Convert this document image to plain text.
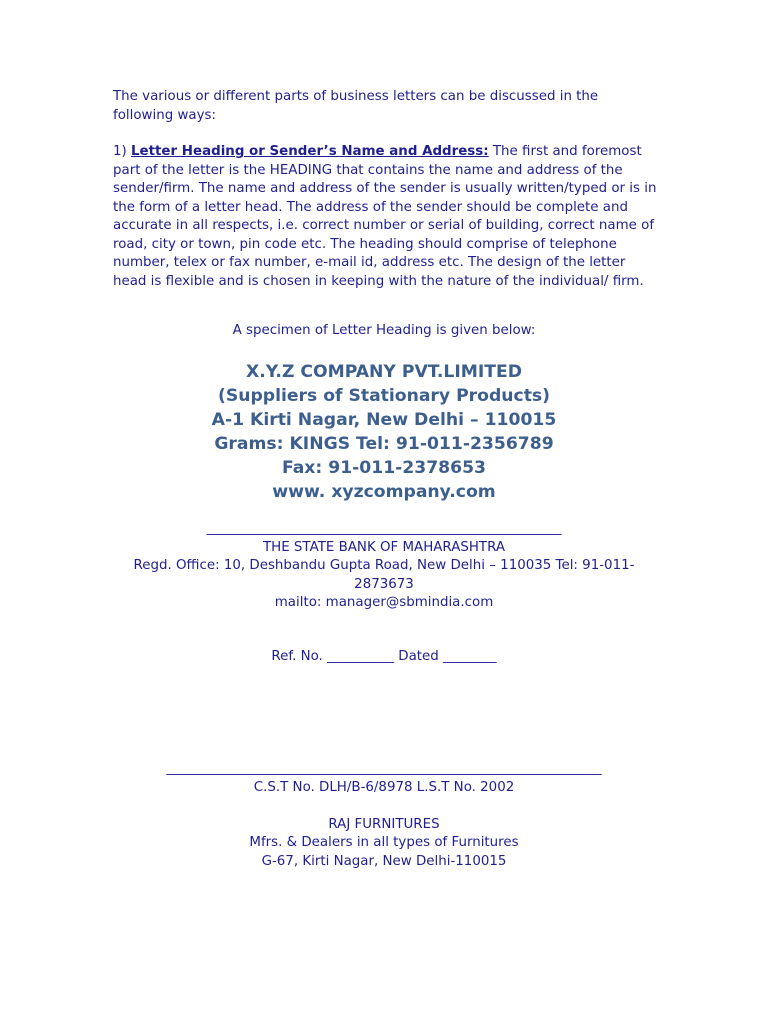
The various or different parts of business letters can be discussed in the following ways:

1) Letter Heading or Sender’s Name and Address: The first and foremost part of the letter is the HEADING that contains the name and address of the sender/firm. The name and address of the sender is usually written/typed or is in the form of a letter head. The address of the sender should be complete and accurate in all respects, i.e. correct number or serial of building, correct name of road, city or town, pin code etc. The heading should comprise of telephone number, telex or fax number, e-mail id, address etc. The design of the letter head is flexible and is chosen in keeping with the nature of the individual/ firm.

A specimen of Letter Heading is given below:

X.Y.Z COMPANY PVT.LIMITED
(Suppliers of Stationary Products)
A-1 Kirti Nagar, New Delhi – 110015
Grams: KINGS Tel: 91-011-2356789
Fax: 91-011-2378653
www. xyzcompany.com
_____________________________________________________
THE STATE BANK OF MAHARASHTRA
Regd. Office: 10, Deshbandu Gupta Road, New Delhi – 110035 Tel: 91-011-2873673
mailto: manager@sbmindia.com

Ref. No. __________ Dated ________

_________________________________________________________________
C.S.T No. DLH/B-6/8978 L.S.T No. 2002
RAJ FURNITURES
Mfrs. & Dealers in all types of Furnitures
G-67, Kirti Nagar, New Delhi-110015
